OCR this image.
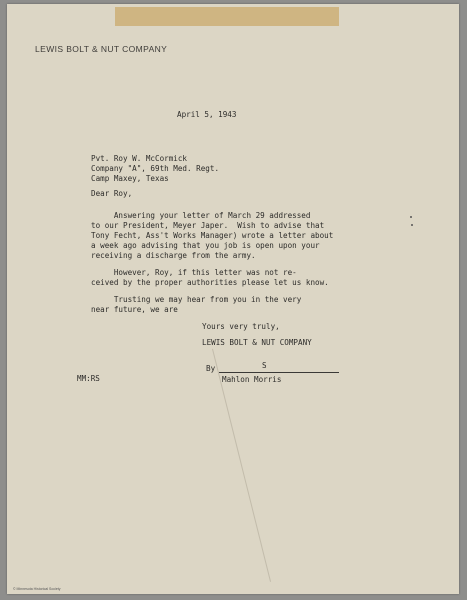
LEWIS BOLT & NUT COMPANY
April 5, 1943
Pvt. Roy W. McCormick
Company "A", 69th Med. Regt.
Camp Maxey, Texas
Dear Roy,
Answering your letter of March 29 addressed
to our President, Meyer Japer.  Wish to advise that
Tony Fecht, Ass't Works Manager) wrote a letter about
a week ago advising that you job is open upon your
receiving a discharge from the army.
However, Roy, if this letter was not re-
ceived by the proper authorities please let us know.
Trusting we may hear from you in the very
near future, we are
Yours very truly,
LEWIS BOLT & NUT COMPANY
By	S
Mahlon Morris
MM:RS
© Minnesota Historical Society
